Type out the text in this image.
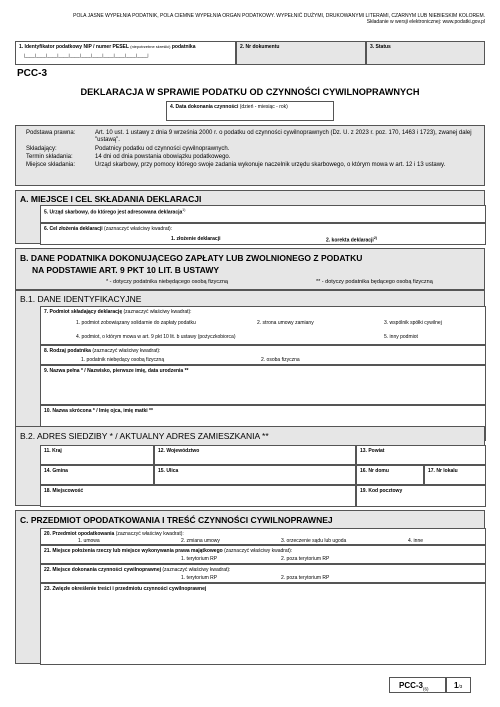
POLA JASNE WYPEŁNIA PODATNIK, POLA CIEMNE WYPEŁNIA ORGAN PODATKOWY. WYPEŁNIĆ DUŻYMI, DRUKOWANYMI LITERAMI, CZARNYM LUB NIEBIESKIM KOLOREM.
Składanie w wersji elektronicznej: www.podatki.gov.pl
1. Identyfikator podatkowy NIP / numer PESEL (niepotrzebne skreślić) podatnika
└──┴──┴──┴──┴──┴──┴──┴──┴──┴──┴──┘
2. Nr dokumentu	3. Status
PCC-3
DEKLARACJA W SPRAWIE PODATKU OD CZYNNOŚCI CYWILNOPRAWNYCH
4. Data dokonania czynności (dzień - miesiąc - rok)
Podstawa prawna:	Art. 10 ust. 1 ustawy z dnia 9 września 2000 r. o podatku od czynności cywilnoprawnych (Dz. U. z 2023 r. poz. 170, 1463 i 1723), zwanej dalej "ustawą".
Składający:	Podatnicy podatku od czynności cywilnoprawnych.
Termin składania:	14 dni od dnia powstania obowiązku podatkowego.
Miejsce składania:	Urząd skarbowy, przy pomocy którego swoje zadania wykonuje naczelnik urzędu skarbowego, o którym mowa w art. 12 i 13 ustawy.
A. MIEJSCE I CEL SKŁADANIA DEKLARACJI
5. Urząd skarbowy, do którego jest adresowana deklaracja$^{1)}$
6. Cel złożenia deklaracji (zaznaczyć właściwy kwadrat):
1. złożenie deklaracji	2. korekta deklaracji$^{2)}$
B. DANE PODATNIKA DOKONUJĄCEGO ZAPŁATY LUB ZWOLNIONEGO Z PODATKU
NA PODSTAWIE ART. 9 PKT 10 LIT. B USTAWY
* - dotyczy podatnika niebędącego osobą fizyczną	** - dotyczy podatnika będącego osobą fizyczną
B.1. DANE IDENTYFIKACYJNE
7. Podmiot składający deklarację (zaznaczyć właściwy kwadrat):
1. podmiot zobowiązany solidarnie do zapłaty podatku	2. strona umowy zamiany	3. wspólnik spółki cywilnej
4. podmiot, o którym mowa w art. 9 pkt 10 lit. b ustawy (pożyczkobiorca)	5. inny podmiot
8. Rodzaj podatnika (zaznaczyć właściwy kwadrat):
1. podatnik niebędący osobą fizyczną	2. osoba fizyczna
9. Nazwa pełna * / Nazwisko, pierwsze imię, data urodzenia **
10. Nazwa skrócona * / Imię ojca, imię matki **
B.2. ADRES SIEDZIBY * / AKTUALNY ADRES ZAMIESZKANIA **
11. Kraj	12. Województwo	13. Powiat
14. Gmina	15. Ulica	16. Nr domu	17. Nr lokalu
18. Miejscowość	19. Kod pocztowy
C. PRZEDMIOT OPODATKOWANIA I TREŚĆ CZYNNOŚCI CYWILNOPRAWNEJ
20. Przedmiot opodatkowania (zaznaczyć właściwy kwadrat):
1. umowa	2. zmiana umowy	3. orzeczenie sądu lub ugoda	4. inne
21. Miejsce położenia rzeczy lub miejsce wykonywania prawa majątkowego (zaznaczyć właściwy kwadrat):
1. terytorium RP	2. poza terytorium RP
22. Miejsce dokonania czynności cywilnoprawnej (zaznaczyć właściwy kwadrat):
1. terytorium RP	2. poza terytorium RP
23. Zwięzłe określenie treści i przedmiotu czynności cywilnoprawnej
PCC-$3_{(6)}$	1/3
